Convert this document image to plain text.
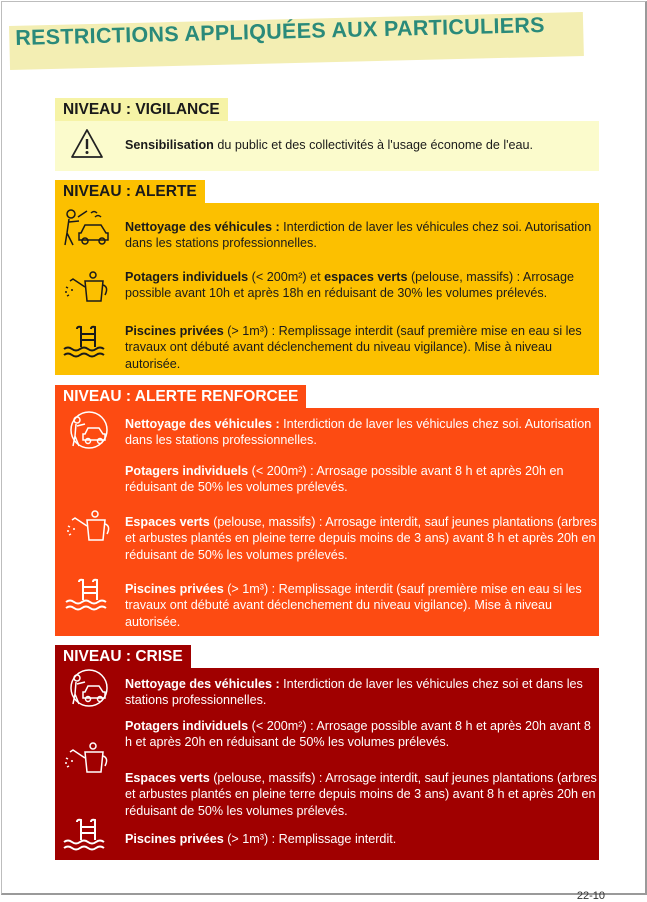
RESTRICTIONS APPLIQUÉES AUX PARTICULIERS
NIVEAU : VIGILANCE
Sensibilisation du public et des collectivités à l'usage économe de l'eau.
NIVEAU : ALERTE
Nettoyage des véhicules : Interdiction de laver les véhicules chez soi. Autorisation dans les stations professionnelles.
Potagers individuels (< 200m²) et espaces verts (pelouse, massifs) : Arrosage possible avant 10h et après 18h en réduisant de 30% les volumes prélevés.
Piscines privées (> 1m³) : Remplissage interdit (sauf première mise en eau si les travaux ont débuté avant déclenchement du niveau vigilance). Mise à niveau autorisée.
NIVEAU : ALERTE RENFORCEE
Nettoyage des véhicules : Interdiction de laver les véhicules chez soi. Autorisation dans les stations professionnelles.
Potagers individuels (< 200m²) : Arrosage possible avant 8 h et après 20h en réduisant de 50% les volumes prélevés.
Espaces verts (pelouse, massifs) : Arrosage interdit, sauf jeunes plantations (arbres et arbustes plantés en pleine terre depuis moins de 3 ans) avant 8 h et après 20h en réduisant de 50% les volumes prélevés.
Piscines privées (> 1m³) : Remplissage interdit (sauf première mise en eau si les travaux ont débuté avant déclenchement du niveau vigilance). Mise à niveau autorisée.
NIVEAU : CRISE
Nettoyage des véhicules : Interdiction de laver les véhicules chez soi et dans les stations professionnelles.
Potagers individuels (< 200m²) : Arrosage possible avant 8 h et après 20h avant 8 h et après 20h en réduisant de 50% les volumes prélevés.
Espaces verts (pelouse, massifs) : Arrosage interdit, sauf jeunes plantations (arbres et arbustes plantés en pleine terre depuis moins de 3 ans) avant 8 h et après 20h en réduisant de 50% les volumes prélevés.
Piscines privées (> 1m³) : Remplissage interdit.
22-10
